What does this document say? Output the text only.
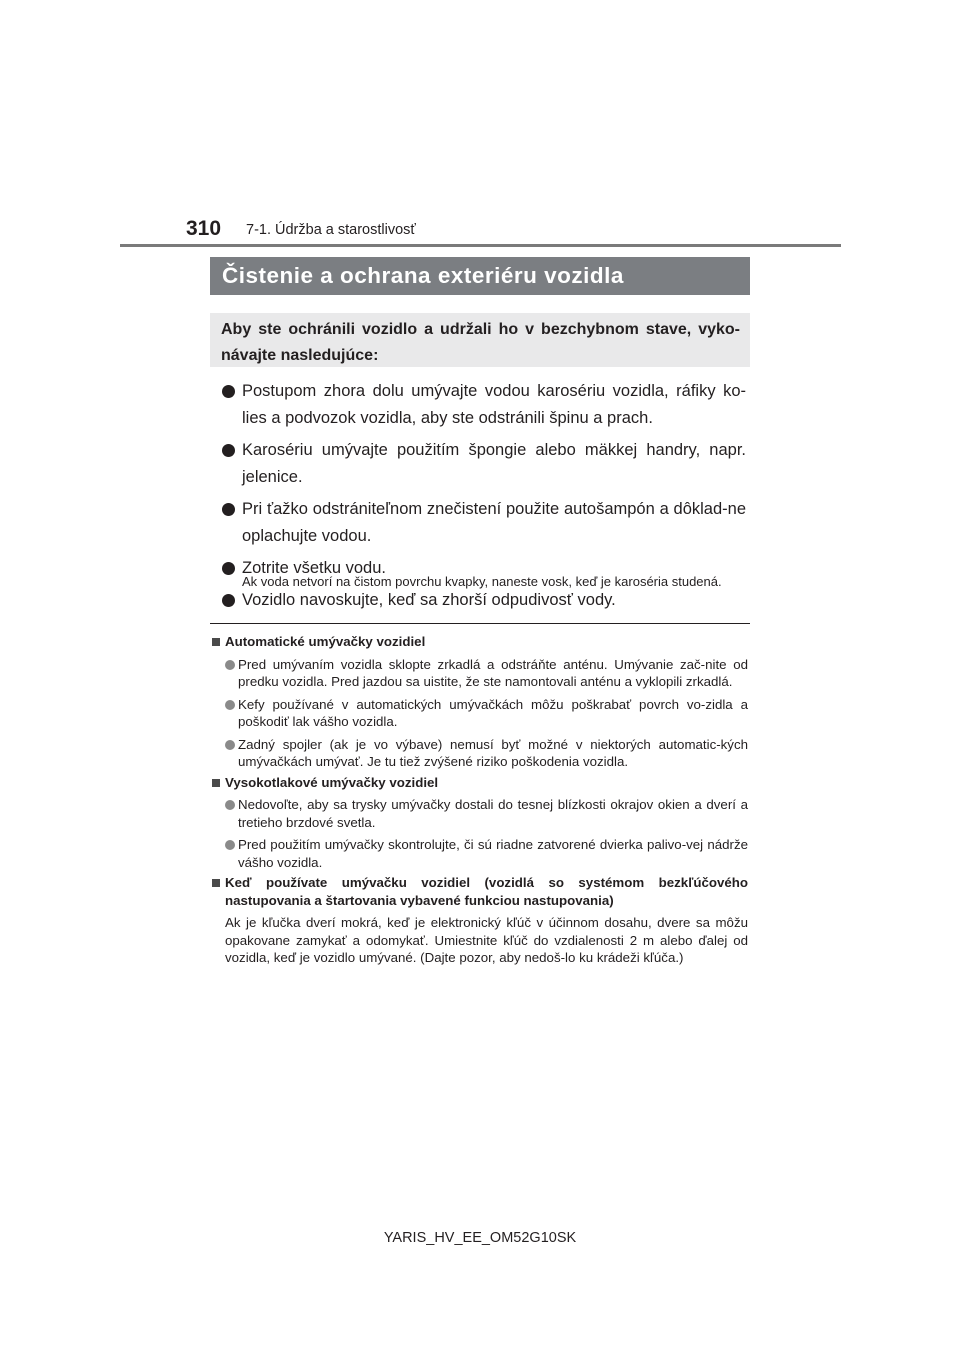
310 7-1. Údržba a starostlivosť
Čistenie a ochrana exteriéru vozidla
Aby ste ochránili vozidlo a udržali ho v bezchybnom stave, vyko-návajte nasledujúce:
Postupom zhora dolu umývajte vodou karosériu vozidla, ráfiky ko-lies a podvozok vozidla, aby ste odstránili špinu a prach.
Karosériu umývajte použitím špongie alebo mäkkej handry, napr. jelenice.
Pri ťažko odstrániteľnom znečistení použite autošampón a dôklad-ne oplachujte vodou.
Zotrite všetku vodu.
Vozidlo navoskujte, keď sa zhorší odpudivosť vody.
Ak voda netvorí na čistom povrchu kvapky, naneste vosk, keď je karoséria studená.
Automatické umývačky vozidiel
Pred umývaním vozidla sklopte zrkadlá a odstráňte anténu. Umývanie zač-nite od predku vozidla. Pred jazdou sa uistite, že ste namontovali anténu a vyklopili zrkadlá.
Kefy používané v automatických umývačkách môžu poškrabať povrch vo-zidla a poškodiť lak vášho vozidla.
Zadný spojler (ak je vo výbave) nemusí byť možné v niektorých automatic-kých umývačkách umývať. Je tu tiež zvýšené riziko poškodenia vozidla.
Vysokotlakové umývačky vozidiel
Nedovoľte, aby sa trysky umývačky dostali do tesnej blízkosti okrajov okien a dverí a tretieho brzdové svetla.
Pred použitím umývačky skontrolujte, či sú riadne zatvorené dvierka palivo-vej nádrže vášho vozidla.
Keď používate umývačku vozidiel (vozidlá so systémom bezkľúčového nastupovania a štartovania vybavené funkciou nastupovania)
Ak je kľučka dverí mokrá, keď je elektronický kľúč v účinnom dosahu, dvere sa môžu opakovane zamykať a odomykať. Umiestnite kľúč do vzdialenosti 2 m alebo ďalej od vozidla, keď je vozidlo umývané. (Dajte pozor, aby nedoš-lo ku krádeži kľúča.)
YARIS_HV_EE_OM52G10SK
